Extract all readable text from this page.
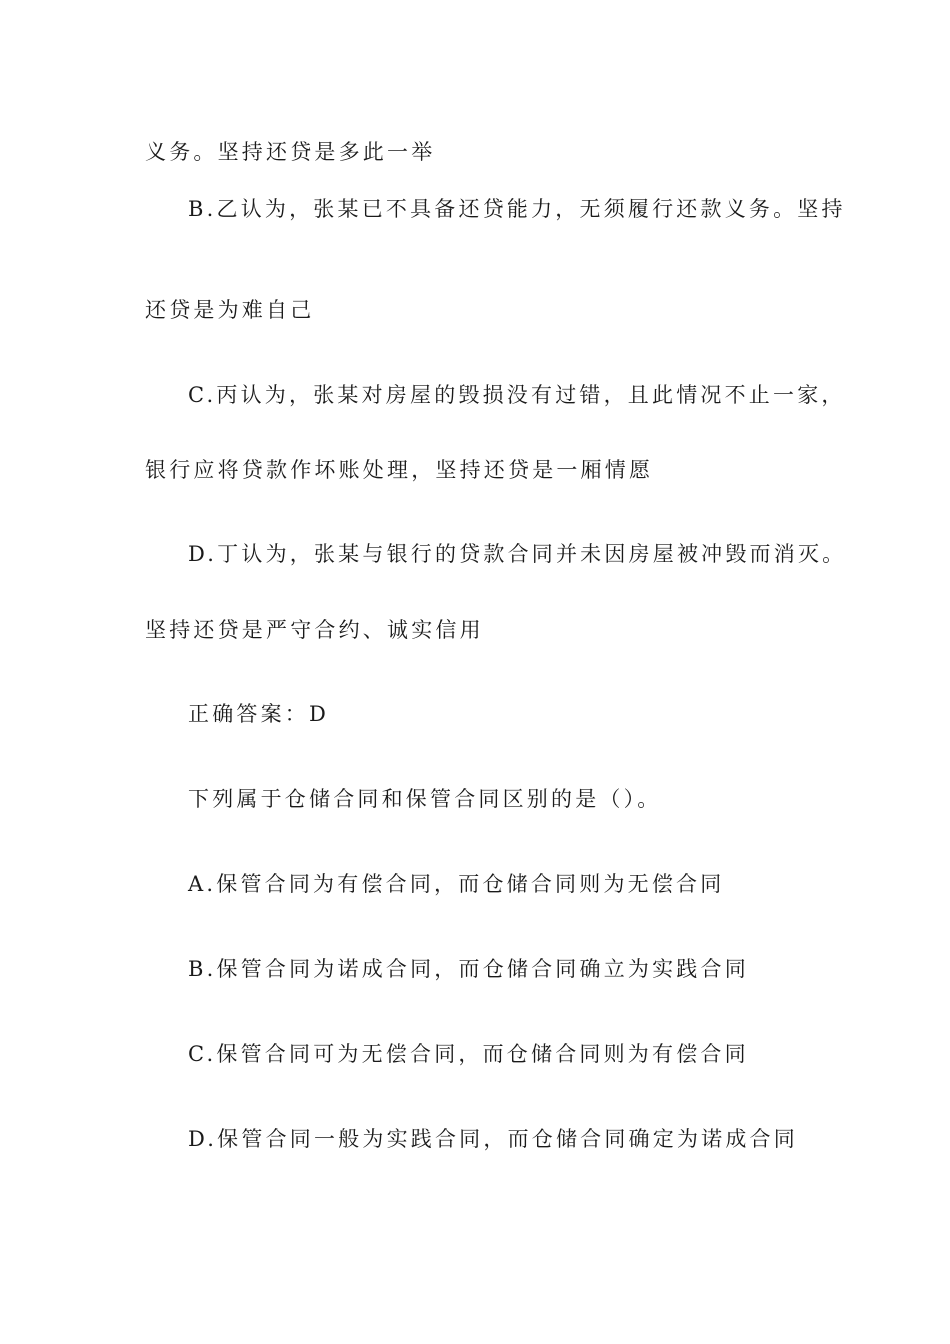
义务。坚持还贷是多此一举
B.乙认为，张某已不具备还贷能力，无须履行还款义务。坚持
还贷是为难自己
C.丙认为，张某对房屋的毁损没有过错，且此情况不止一家，
银行应将贷款作坏账处理，坚持还贷是一厢情愿
D.丁认为，张某与银行的贷款合同并未因房屋被冲毁而消灭。
坚持还贷是严守合约、诚实信用
正确答案：D
下列属于仓储合同和保管合同区别的是（）。
A.保管合同为有偿合同，而仓储合同则为无偿合同
B.保管合同为诺成合同，而仓储合同确立为实践合同
C.保管合同可为无偿合同，而仓储合同则为有偿合同
D.保管合同一般为实践合同，而仓储合同确定为诺成合同
